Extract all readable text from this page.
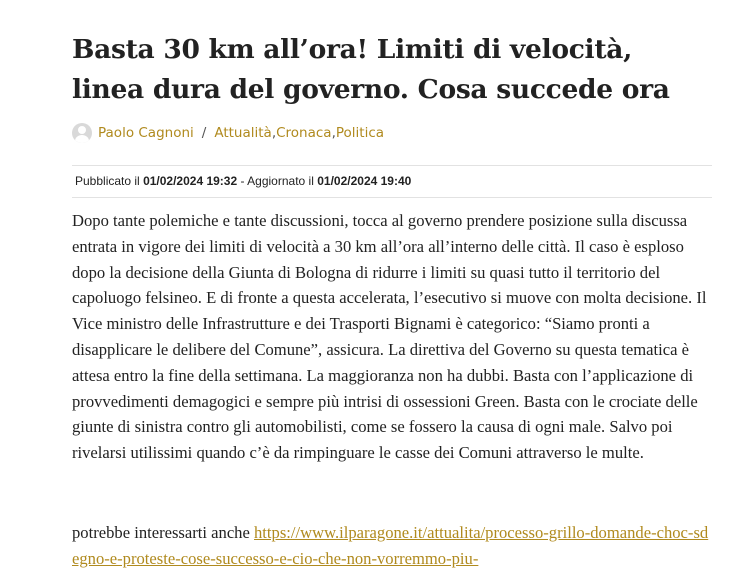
Basta 30 km all’ora! Limiti di velocità, linea dura del governo. Cosa succede ora
Paolo Cagnoni / Attualità , Cronaca , Politica
Pubblicato il 01/02/2024 19:32 - Aggiornato il 01/02/2024 19:40

Dopo tante polemiche e tante discussioni, tocca al governo prendere posizione sulla discussa entrata in vigore dei limiti di velocità a 30 km all’ora all’interno delle città. Il caso è esploso dopo la decisione della Giunta di Bologna di ridurre i limiti su quasi tutto il territorio del capoluogo felsineo. E di fronte a questa accelerata, l’esecutivo si muove con molta decisione. Il Vice ministro delle Infrastrutture e dei Trasporti Bignami è categorico: “Siamo pronti a disapplicare le delibere del Comune”, assicura. La direttiva del Governo su questa tematica è attesa entro la fine della settimana. La maggioranza non ha dubbi. Basta con l’applicazione di provvedimenti demagogici e sempre più intrisi di ossessioni Green. Basta con le crociate delle giunte di sinistra contro gli automobilisti, come se fossero la causa di ogni male. Salvo poi rivelarsi utilissimi quando c’è da rimpinguare le casse dei Comuni attraverso le multe.

potrebbe interessarti anche https://www.ilparagone.it/attualita/processo-grillo-domande-choc-sdegno-e-proteste-cose-successo-e-cio-che-non-vorremmo-piu-
